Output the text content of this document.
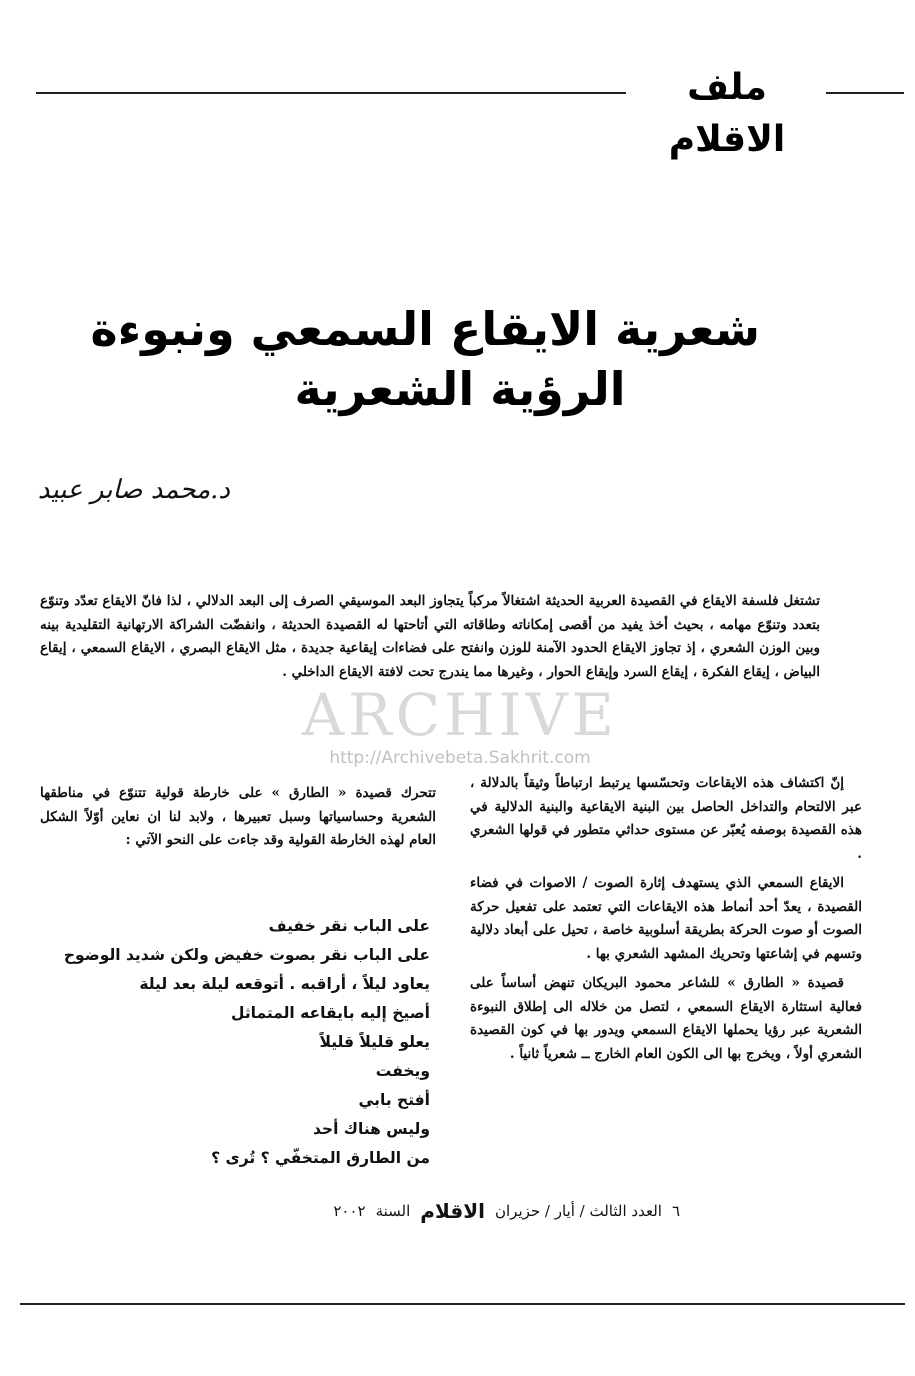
ملف الاقلام
شعرية الايقاع السمعي ونبوءة
الرؤية الشعرية
د.محمد صابر عبيد
تشتغل فلسفة الايقاع في القصيدة العربية الحديثة اشتغالاً مركباً يتجاوز البعد الموسيقي الصرف إلى البعد الدلالي ، لذا فانّ الايقاع تعدّد وتنوّع بتعدد وتنوّع مهامه ، بحيث أخذ يفيد من أقصى إمكاناته وطاقاته التي أتاحتها له القصيدة الحديثة ، وانفضّت الشراكة الارتهانية التقليدية بينه وبين الوزن الشعري ، إذ تجاوز الايقاع الحدود الآمنة للوزن وانفتح على فضاءات إيقاعية جديدة ، مثل الايقاع البصري ، الايقاع السمعي ، إيقاع البياض ، إيقاع الفكرة ، إيقاع السرد وإيقاع الحوار ، وغيرها مما يندرج تحت لافتة الايقاع الداخلي .
ARCHIVE
http://Archivebeta.Sakhrit.com

إنّ اكتشاف هذه الايقاعات وتحسّسها يرتبط ارتباطاً وثيقاً بالدلالة ، عبر الالتحام والتداخل الحاصل بين البنية الايقاعية والبنية الدلالية في هذه القصيدة بوصفه يُعبّر عن مستوى حداثي متطور في قولها الشعري .

الايقاع السمعي الذي يستهدف إثارة الصوت / الاصوات في فضاء القصيدة ، يعدّ أحد أنماط هذه الايقاعات التي تعتمد على تفعيل حركة الصوت أو صوت الحركة بطريقة أسلوبية خاصة ، تحيل على أبعاد دلالية وتسهم في إشاعتها وتحريك المشهد الشعري بها .

قصيدة « الطارق » للشاعر محمود البريكان تنهض أساساً على فعالية استثارة الايقاع السمعي ، لتصل من خلاله الى إطلاق النبوءة الشعرية عبر رؤيا يحملها الايقاع السمعي ويدور بها في كون القصيدة الشعري أولاً ، ويخرج بها الى الكون العام الخارج ــ شعرياً ثانياً .

تتحرك قصيدة « الطارق » على خارطة قولية تتنوّع في مناطقها الشعرية وحساسياتها وسبل تعبيرها ، ولابد لنا ان نعاين أوّلاً الشكل العام لهذه الخارطة القولية وقد جاءت على النحو الآتي :
على الباب نقر خفيف
على الباب نقر بصوت خفيض ولكن شديد الوضوح
يعاود ليلاً ، أراقبه . أتوقعه ليلة بعد ليلة
أصيخ إليه بايقاعه المتماثل
يعلو قليلاً قليلاً
ويخفت
أفتح بابي
وليس هناك أحد
من الطارق المتخفّي ؟ تُرى ؟
٦
العدد الثالث / أيار / حزيران
الاقلام
السنة
٢٠٠٢
